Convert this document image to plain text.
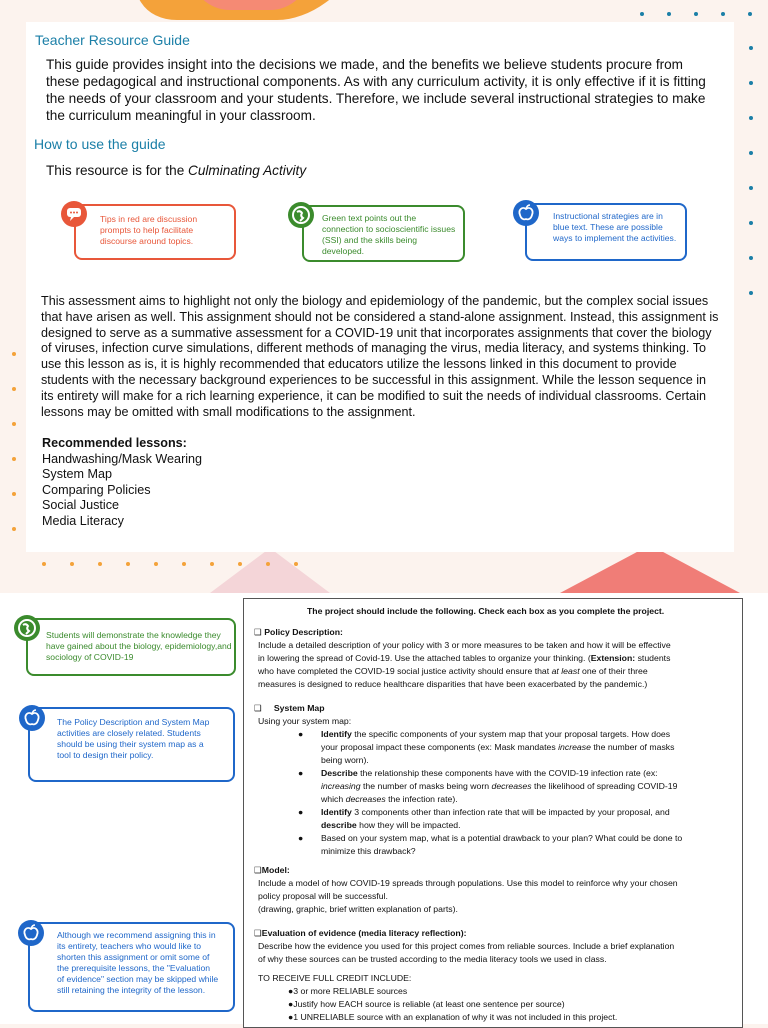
Teacher Resource Guide

This guide provides insight into the decisions we made, and the benefits we believe students procure from these pedagogical and instructional components. As with any curriculum activity, it is only effective if it is fitting the needs of your classroom and your students. Therefore, we include several instructional strategies to make the curriculum meaningful in your classroom.

How to use the guide

This resource is for the Culminating Activity

Tips in red are discussion prompts to help facilitate discourse around topics.
Green text points out the connection to socioscientific issues (SSI) and the skills being developed.
Instructional strategies are in blue text. These are possible ways to implement the activities.

This assessment aims to highlight not only the biology and epidemiology of the pandemic, but the complex social issues that have arisen as well. This assignment should not be considered a stand-alone assignment. Instead, this assignment is designed to serve as a summative assessment for a COVID-19 unit that incorporates assignments that cover the biology of viruses, infection curve simulations, different methods of managing the virus, media literacy, and systems thinking. To use this lesson as is, it is highly recommended that educators utilize the lessons linked in this document to provide students with the necessary background experiences to be successful in this assignment. While the lesson sequence in its entirety will make for a rich learning experience, it can be modified to suit the needs of individual classrooms. Certain lessons may be omitted with small modifications to the assignment.

Recommended lessons:
Handwashing/Mask Wearing
System Map
Comparing Policies
Social Justice
Media Literacy
Students will demonstrate the knowledge they have gained about the biology, epidemiology,and sociology of COVID-19
The Policy Description and System Map activities are closely related. Students should be using their system map as a tool to design their policy.
Although we recommend assigning this in its entirety, teachers who would like to shorten this assignment or omit some of the prerequisite lessons, the "Evaluation of evidence" section may be skipped while still retaining the integrity of the lesson.
The project should include the following. Check each box as you complete the project.
❑ Policy Description:
Include a detailed description of your policy with 3 or more measures to be taken and how it will be effective
in lowering the spread of Covid-19. Use the attached tables to organize your thinking. (Extension: students
who have completed the COVID-19 social justice activity should ensure that at least one of their three
measures is designed to reduce healthcare disparities that have been exacerbated by the pandemic.)
❑ System Map
Using your system map:
● Identify the specific components of your system map that your proposal targets. How does
your proposal impact these components (ex: Mask mandates increase the number of masks
being worn).
● Describe the relationship these components have with the COVID-19 infection rate (ex:
increasing the number of masks being worn decreases the likelihood of spreading COVID-19
which decreases the infection rate).
● Identify 3 components other than infection rate that will be impacted by your proposal, and
describe how they will be impacted.
● Based on your system map, what is a potential drawback to your plan? What could be done to
minimize this drawback?
❑Model:
Include a model of how COVID-19 spreads through populations. Use this model to reinforce why your chosen
policy proposal will be successful.
(drawing, graphic, brief written explanation of parts).
❑Evaluation of evidence (media literacy reflection):
Describe how the evidence you used for this project comes from reliable sources. Include a brief explanation
of why these sources can be trusted according to the media literacy tools we used in class.
TO RECEIVE FULL CREDIT INCLUDE:
●3 or more RELIABLE sources
●Justify how EACH source is reliable (at least one sentence per source)
●1 UNRELIABLE source with an explanation of why it was not included in this project.
